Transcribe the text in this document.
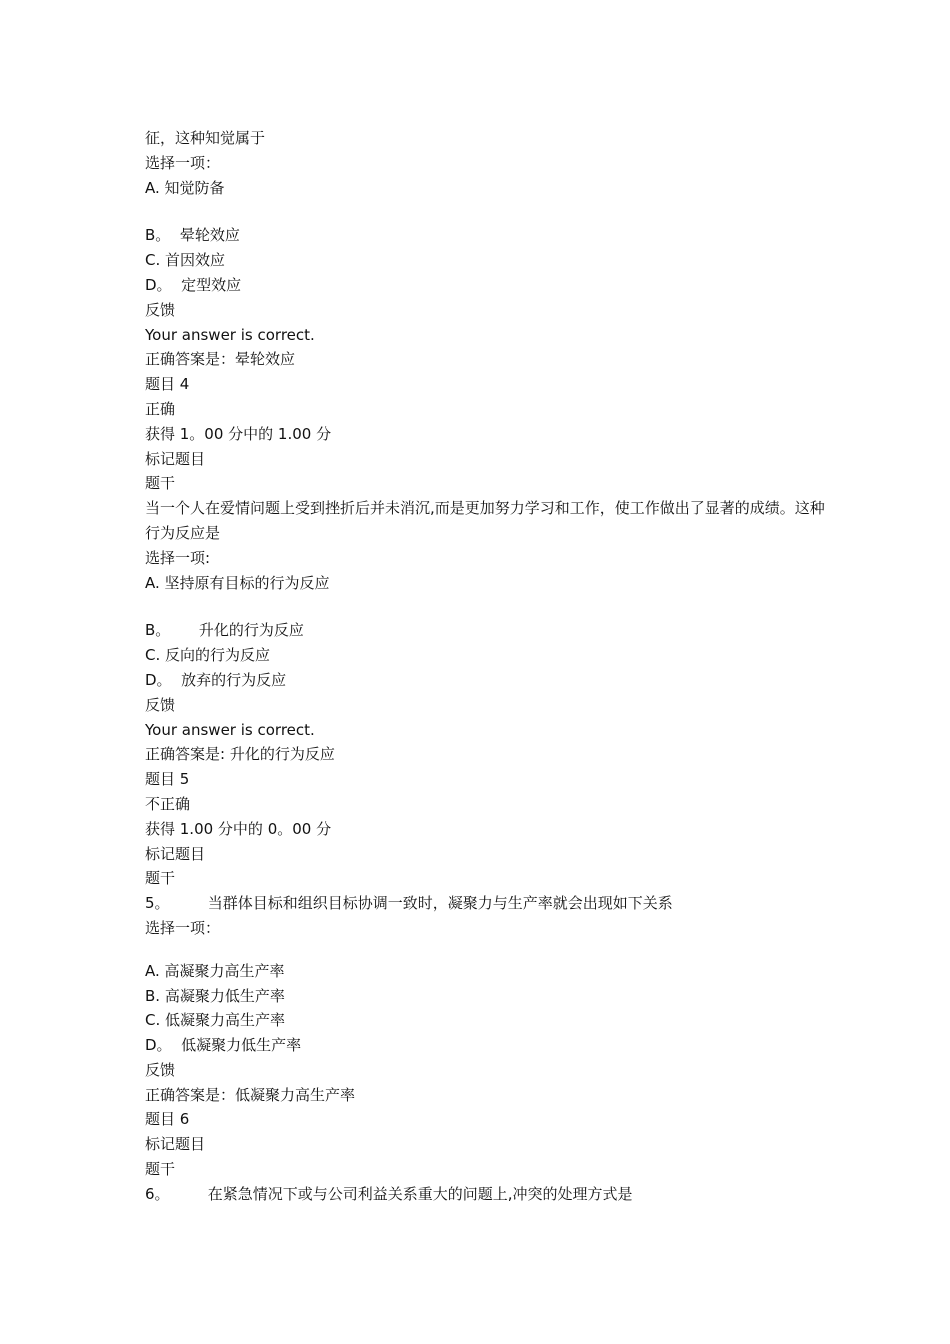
征，这种知觉属于
选择一项：
A. 知觉防备
B。  晕轮效应
C. 首因效应
D。  定型效应
反馈
Your answer is correct.
正确答案是：晕轮效应
题目 4
正确
获得 1。00 分中的 1.00 分
标记题目
题干
当一个人在爱情问题上受到挫折后并未消沉,而是更加努力学习和工作，使工作做出了显著的成绩。这种行为反应是
选择一项:
A. 坚持原有目标的行为反应
B。      升化的行为反应
C. 反向的行为反应
D。  放弃的行为反应
反馈
Your answer is correct.
正确答案是: 升化的行为反应
题目 5
不正确
获得 1.00 分中的 0。00 分
标记题目
题干
5。        当群体目标和组织目标协调一致时，凝聚力与生产率就会出现如下关系
选择一项：
A. 高凝聚力高生产率
B. 高凝聚力低生产率
C. 低凝聚力高生产率
D。  低凝聚力低生产率
反馈
正确答案是：低凝聚力高生产率
题目 6
标记题目
题干
6。        在紧急情况下或与公司利益关系重大的问题上,冲突的处理方式是
